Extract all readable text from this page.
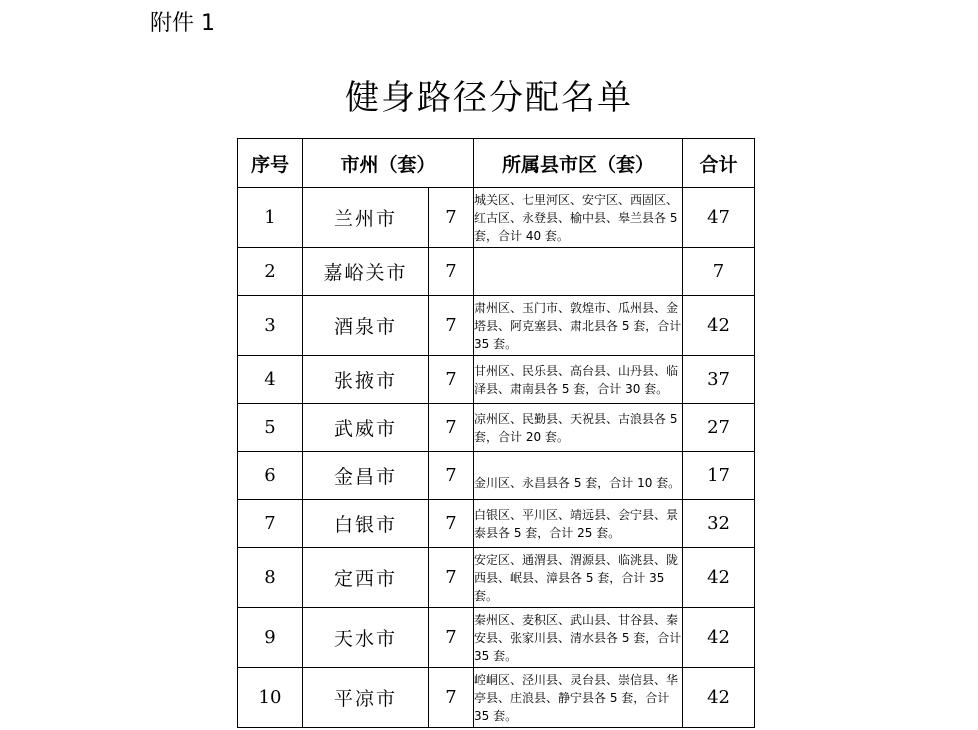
附件 1
健身路径分配名单
序号	市州（套）		所属县市区（套）	合计
1	兰州市	7	城关区、七里河区、安宁区、西固区、红古区、永登县、榆中县、皋兰县各 5 套，合计 40 套。	47
2	嘉峪关市	7		7
3	酒泉市	7	肃州区、玉门市、敦煌市、瓜州县、金塔县、阿克塞县、肃北县各 5 套，合计 35 套。	42
4	张掖市	7	甘州区、民乐县、高台县、山丹县、临泽县、肃南县各 5 套，合计 30 套。	37
5	武威市	7	凉州区、民勤县、天祝县、古浪县各 5 套，合计 20 套。	27
6	金昌市	7	金川区、永昌县各 5 套，合计 10 套。	17
7	白银市	7	白银区、平川区、靖远县、会宁县、景泰县各 5 套，合计 25 套。	32
8	定西市	7	安定区、通渭县、渭源县、临洮县、陇西县、岷县、漳县各 5 套，合计 35 套。	42
9	天水市	7	秦州区、麦积区、武山县、甘谷县、秦安县、张家川县、清水县各 5 套，合计 35 套。	42
10	平凉市	7	崆峒区、泾川县、灵台县、崇信县、华亭县、庄浪县、静宁县各 5 套，合计 35 套。	42
